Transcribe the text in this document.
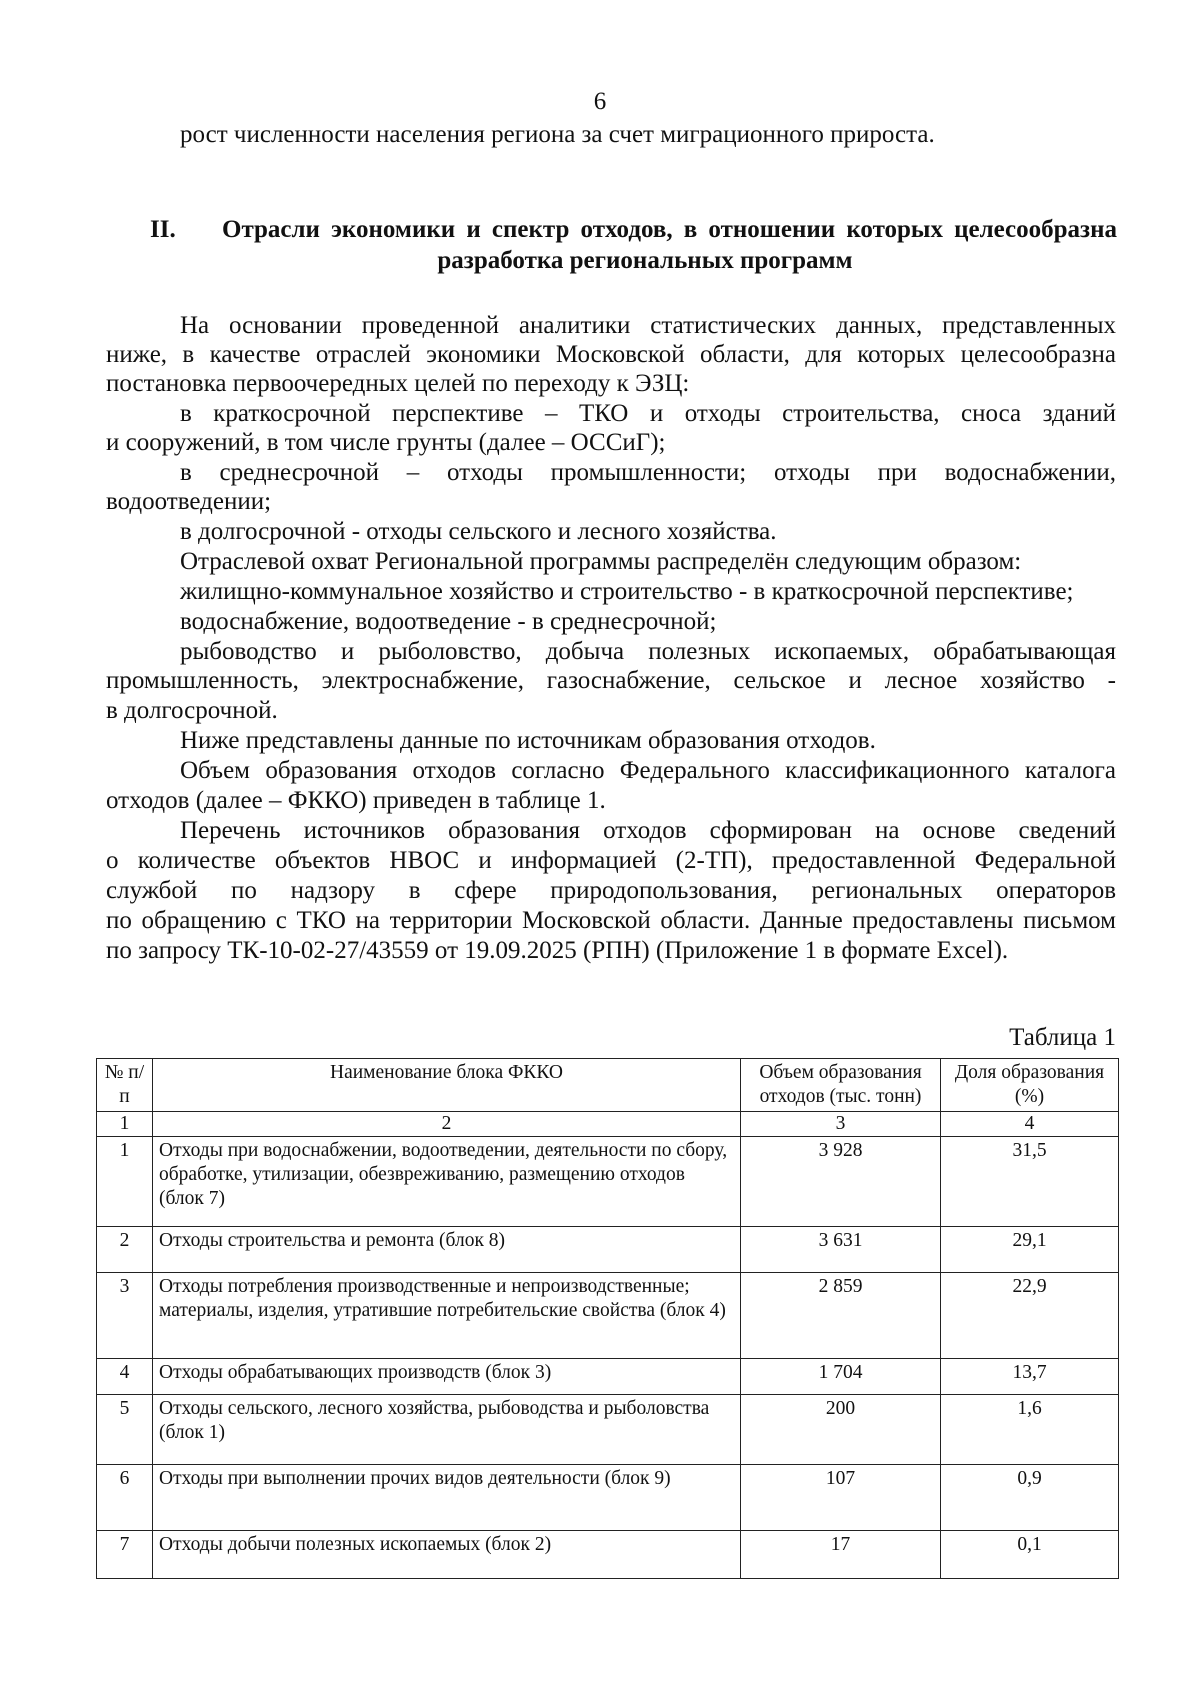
6
рост численности населения региона за счет миграционного прироста.
II. Отрасли экономики и спектр отходов, в отношении которых целесообразна
разработка региональных программ
На основании проведенной аналитики статистических данных, представленных
ниже, в качестве отраслей экономики Московской области, для которых целесообразна
постановка первоочередных целей по переходу к ЭЗЦ:
в краткосрочной перспективе – ТКО и отходы строительства, сноса зданий
и сооружений, в том числе грунты (далее – ОССиГ);
в среднесрочной – отходы промышленности; отходы при водоснабжении,
водоотведении;
в долгосрочной - отходы сельского и лесного хозяйства.
Отраслевой охват Региональной программы распределён следующим образом:
жилищно-коммунальное хозяйство и строительство - в краткосрочной перспективе;
водоснабжение, водоотведение - в среднесрочной;
рыбоводство и рыболовство, добыча полезных ископаемых, обрабатывающая
промышленность, электроснабжение, газоснабжение, сельское и лесное хозяйство -
в долгосрочной.
Ниже представлены данные по источникам образования отходов.
Объем образования отходов согласно Федерального классификационного каталога
отходов (далее – ФККО) приведен в таблице 1.
Перечень источников образования отходов сформирован на основе сведений
о количестве объектов НВОС и информацией (2-ТП), предоставленной Федеральной
службой по надзору в сфере природопользования, региональных операторов
по обращению с ТКО на территории Московской области. Данные предоставлены письмом
по запросу ТК-10-02-27/43559 от 19.09.2025 (РПН) (Приложение 1 в формате Excel).
Таблица 1
№ п/п	Наименование блока ФККО	Объем образования отходов (тыс. тонн)	Доля образования (%)
1	2	3	4
1	Отходы при водоснабжении, водоотведении, деятельности по сбору, обработке, утилизации, обезвреживанию, размещению отходов (блок 7)	3 928	31,5
2	Отходы строительства и ремонта (блок 8)	3 631	29,1
3	Отходы потребления производственные и непроизводственные; материалы, изделия, утратившие потребительские свойства (блок 4)	2 859	22,9
4	Отходы обрабатывающих производств (блок 3)	1 704	13,7
5	Отходы сельского, лесного хозяйства, рыбоводства и рыболовства (блок 1)	200	1,6
6	Отходы при выполнении прочих видов деятельности (блок 9)	107	0,9
7	Отходы добычи полезных ископаемых (блок 2)	17	0,1
